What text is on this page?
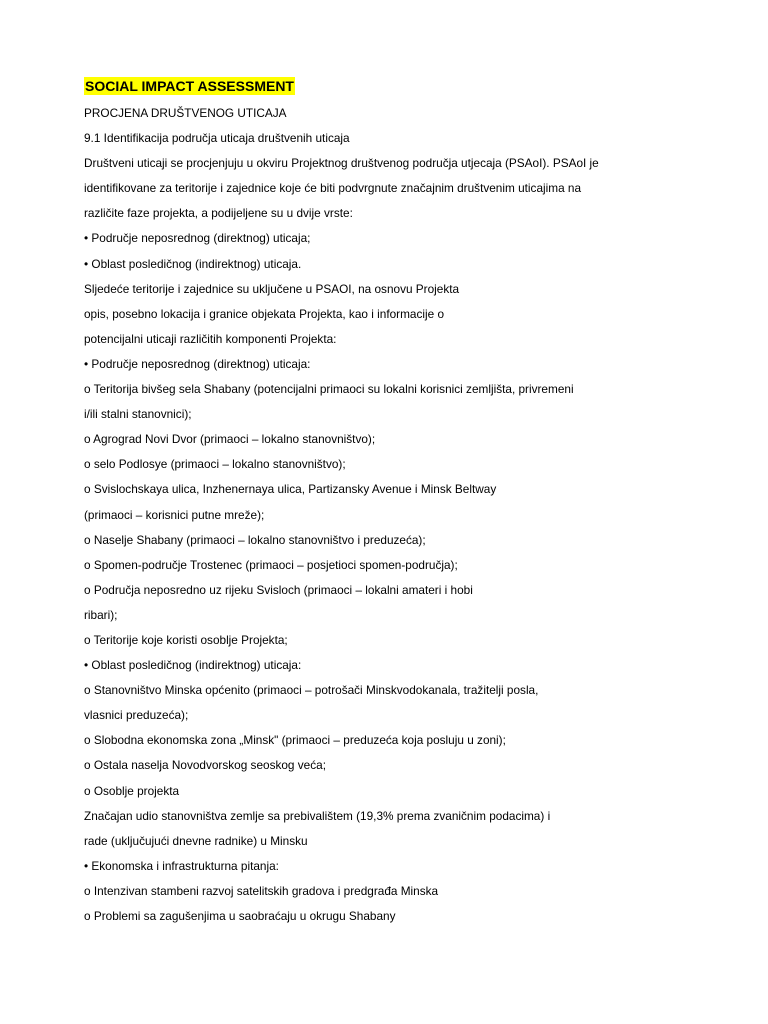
SOCIAL IMPACT ASSESSMENT
PROCJENA DRUŠTVENOG UTICAJA
9.1 Identifikacija područja uticaja društvenih uticaja
Društveni uticaji se procjenjuju u okviru Projektnog društvenog područja utjecaja (PSAoI). PSAoI je
identifikovane za teritorije i zajednice koje će biti podvrgnute značajnim društvenim uticajima na
različite faze projekta, a podijeljene su u dvije vrste:
• Područje neposrednog (direktnog) uticaja;
• Oblast posledičnog (indirektnog) uticaja.
Sljedeće teritorije i zajednice su uključene u PSAOI, na osnovu Projekta
opis, posebno lokacija i granice objekata Projekta, kao i informacije o
potencijalni uticaji različitih komponenti Projekta:
• Područje neposrednog (direktnog) uticaja:
o Teritorija bivšeg sela Shabany (potencijalni primaoci su lokalni korisnici zemljišta, privremeni
i/ili stalni stanovnici);
o Agrograd Novi Dvor (primaoci – lokalno stanovništvo);
o selo Podlosye (primaoci – lokalno stanovništvo);
o Svislochskaya ulica, Inzhenernaya ulica, Partizansky Avenue i Minsk Beltway
(primaoci – korisnici putne mreže);
o Naselje Shabany (primaoci – lokalno stanovništvo i preduzeća);
o Spomen-područje Trostenec (primaoci – posjetioci spomen-područja);
o Područja neposredno uz rijeku Svisloch (primaoci – lokalni amateri i hobi
ribari);
o Teritorije koje koristi osoblje Projekta;
• Oblast posledičnog (indirektnog) uticaja:
o Stanovništvo Minska općenito (primaoci – potrošači Minskvodokanala, tražitelji posla,
vlasnici preduzeća);
o Slobodna ekonomska zona „Minsk" (primaoci – preduzeća koja posluju u zoni);
o Ostala naselja Novodvorskog seoskog veća;
o Osoblje projekta
Značajan udio stanovništva zemlje sa prebivalištem (19,3% prema zvaničnim podacima) i
rade (uključujući dnevne radnike) u Minsku
• Ekonomska i infrastrukturna pitanja:
o Intenzivan stambeni razvoj satelitskih gradova i predgrađa Minska
o Problemi sa zagušenjima u saobraćaju u okrugu Shabany
